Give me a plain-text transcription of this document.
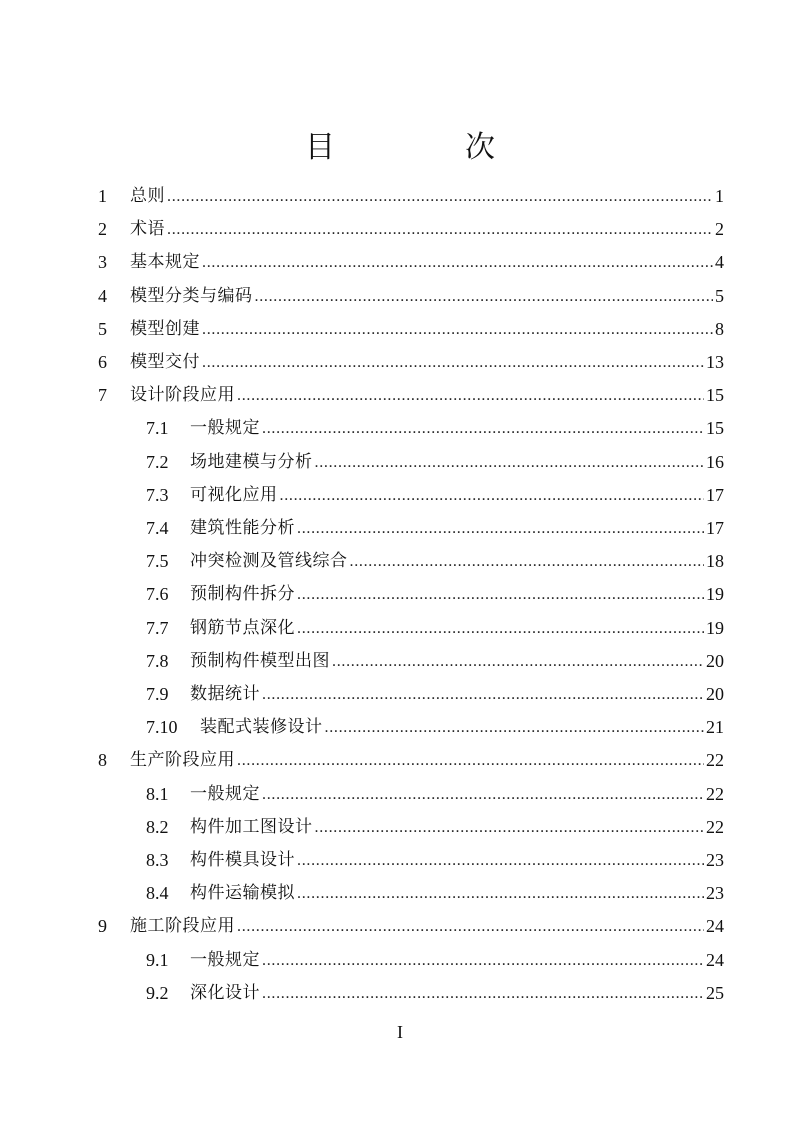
目　次
1	总则 .....	1
2	术语 .....	2
3	基本规定 .....	4
4	模型分类与编码 .....	5
5	模型创建 .....	8
6	模型交付 .....	13
7	设计阶段应用 .....	15
7.1	一般规定 .....	15
7.2	场地建模与分析 .....	16
7.3	可视化应用 .....	17
7.4	建筑性能分析 .....	17
7.5	冲突检测及管线综合 .....	18
7.6	预制构件拆分 .....	19
7.7	钢筋节点深化 .....	19
7.8	预制构件模型出图 .....	20
7.9	数据统计 .....	20
7.10	装配式装修设计 .....	21
8	生产阶段应用 .....	22
8.1	一般规定 .....	22
8.2	构件加工图设计 .....	22
8.3	构件模具设计 .....	23
8.4	构件运输模拟 .....	23
9	施工阶段应用 .....	24
9.1	一般规定 .....	24
9.2	深化设计 .....	25
I
